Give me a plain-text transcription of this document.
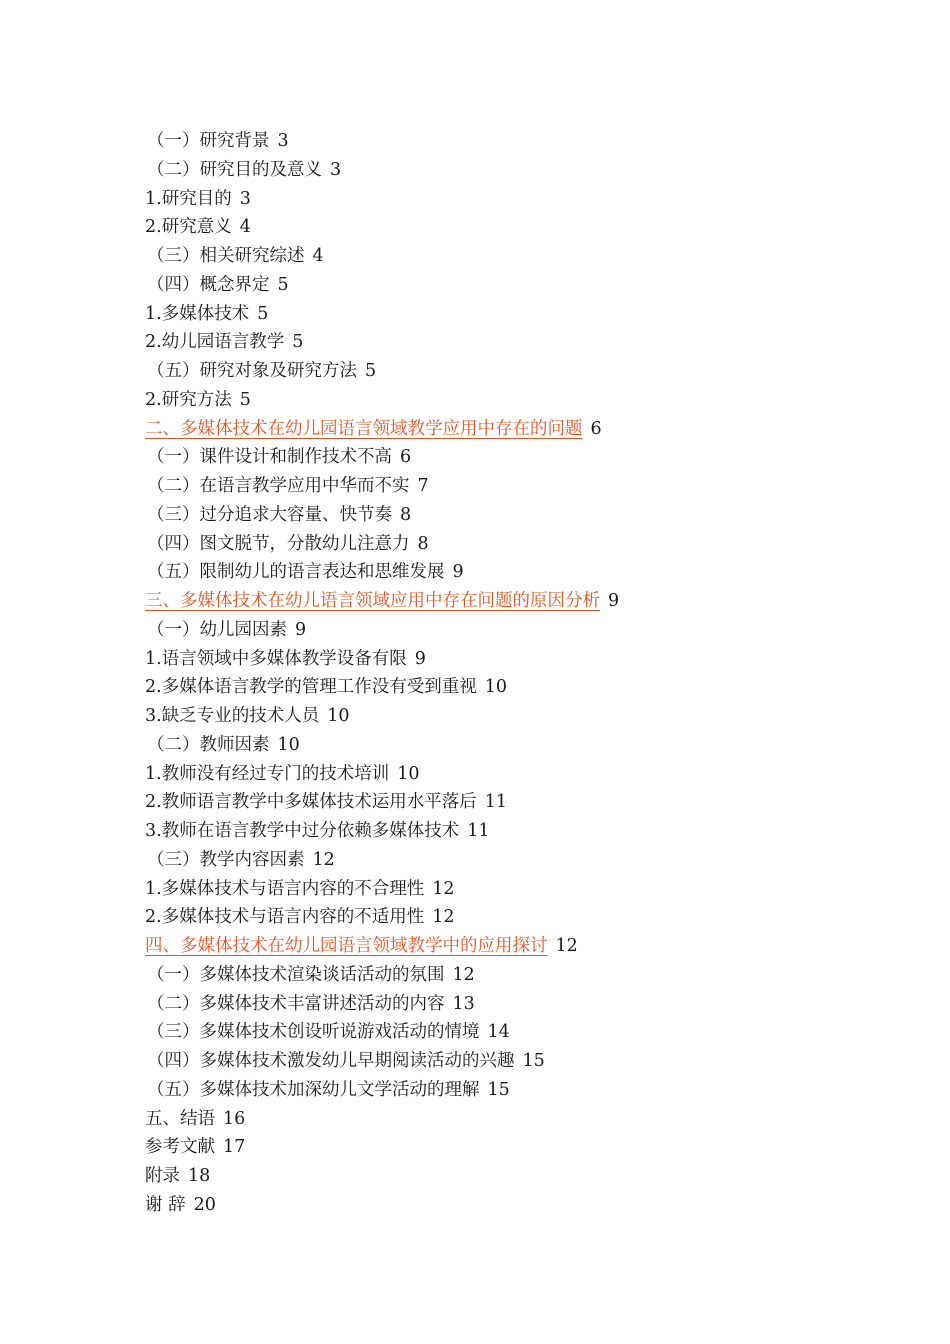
（一）研究背景 3
（二）研究目的及意义 3
1.研究目的 3
2.研究意义 4
（三）相关研究综述 4
（四）概念界定 5
1.多媒体技术 5
2.幼儿园语言教学 5
（五）研究对象及研究方法 5
2.研究方法 5
二、多媒体技术在幼儿园语言领域教学应用中存在的问题 6
（一）课件设计和制作技术不高 6
（二）在语言教学应用中华而不实 7
（三）过分追求大容量、快节奏 8
（四）图文脱节，分散幼儿注意力 8
（五）限制幼儿的语言表达和思维发展 9
三、多媒体技术在幼儿语言领域应用中存在问题的原因分析 9
（一）幼儿园因素 9
1.语言领域中多媒体教学设备有限 9
2.多媒体语言教学的管理工作没有受到重视 10
3.缺乏专业的技术人员 10
（二）教师因素 10
1.教师没有经过专门的技术培训 10
2.教师语言教学中多媒体技术运用水平落后 11
3.教师在语言教学中过分依赖多媒体技术 11
（三）教学内容因素 12
1.多媒体技术与语言内容的不合理性 12
2.多媒体技术与语言内容的不适用性 12
四、多媒体技术在幼儿园语言领域教学中的应用探讨 12
（一）多媒体技术渲染谈话活动的氛围 12
（二）多媒体技术丰富讲述活动的内容 13
（三）多媒体技术创设听说游戏活动的情境 14
（四）多媒体技术激发幼儿早期阅读活动的兴趣 15
（五）多媒体技术加深幼儿文学活动的理解 15
五、结语 16
参考文献 17
附录 18
谢 辞 20
